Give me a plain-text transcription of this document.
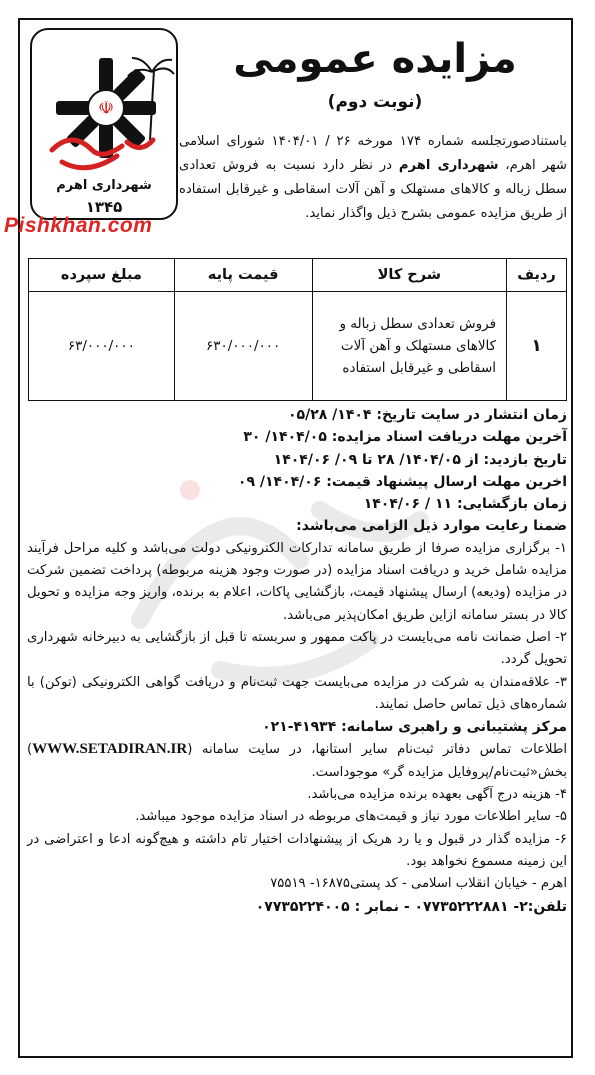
☫
شهرداری اهرم
۱۳۴۵
Pishkhan.com
مزایده عمومی
(نوبت دوم)
باستنادصورتجلسه شماره ۱۷۴ مورخه ۲۶ / ۱۴۰۴/۰۱ شورای اسلامی شهر اهرم، شهرداری اهرم در نظر دارد نسبت به فروش تعدادی سطل زباله و کالاهای مستهلک و آهن آلات اسقاطی و غیرقابل استفاده از طریق مزایده عمومی بشرح ذیل واگذار نماید.
ردیف	شرح کالا	قیمت پایه	مبلغ سپرده
۱	فروش تعدادی سطل زباله و کالاهای مستهلک و آهن آلات اسقاطی و غیرقابل استفاده	۶۳۰/۰۰۰/۰۰۰	۶۳/۰۰۰/۰۰۰

زمان انتشار در سایت تاریخ: ۱۴۰۴/ ۰۵/۲۸

آخرین مهلت دریافت اسناد مزایده: ۱۴۰۴/۰۵/ ۳۰

تاریخ بازدید: از ۱۴۰۴/۰۵/ ۲۸ تا ۰۹/ ۱۴۰۴/۰۶

اخرین مهلت ارسال پیشنهاد قیمت: ۱۴۰۴/۰۶/ ۰۹

زمان بازگشایی: ۱۱ / ۱۴۰۴/۰۶

ضمنا رعایت موارد ذیل الزامی می‌باشد:

۱- برگزاری مزایده صرفا از طریق سامانه تدارکات الکترونیکی دولت می‌باشد و کلیه مراحل فرآیند مزایده شامل خرید و دریافت اسناد مزایده (در صورت وجود هزینه مربوطه) پرداخت تضمین شرکت در مزایده (ودیعه) ارسال پیشنهاد قیمت، بازگشایی پاکات، اعلام به برنده، واریز وجه مزایده و تحویل کالا در بستر سامانه ازاین طریق امکان‌پذیر می‌باشد.

۲- اصل ضمانت نامه می‌بایست در پاکت ممهور و سربسته تا قبل از بازگشایی به دبیرخانه شهرداری تحویل گردد.

۳- علاقه‌مندان به شرکت در مزایده می‌بایست جهت ثبت‌نام و دریافت گواهی الکترونیکی (توکن) با شماره‌های ذیل تماس حاصل نمایند.

مرکز پشتیبانی و راهبری سامانه: ۴۱۹۳۴-۰۲۱

اطلاعات تماس دفاتر ثبت‌نام سایر استانها، در سایت سامانه (WWW.SETADIRAN.IR) بخش«ثبت‌نام/پروفایل مزایده گر» موجوداست.

۴- هزینه درج آگهی بعهده برنده مزایده می‌باشد.

۵- سایر اطلاعات مورد نیاز و قیمت‌های مربوطه در اسناد مزایده موجود میباشد.

۶- مزایده گذار در قبول و یا رد هریک از پیشنهادات اختیار تام داشته و هیچ‌گونه ادعا و اعتراضی در این زمینه مسموع نخواهد بود.

اهرم - خیابان انقلاب اسلامی - کد پستی۱۶۸۷۵- ۷۵۵۱۹

تلفن:۲- ۰۷۷۳۵۲۲۲۸۸۱ - نمابر : ۰۷۷۳۵۲۲۴۰۰۵
